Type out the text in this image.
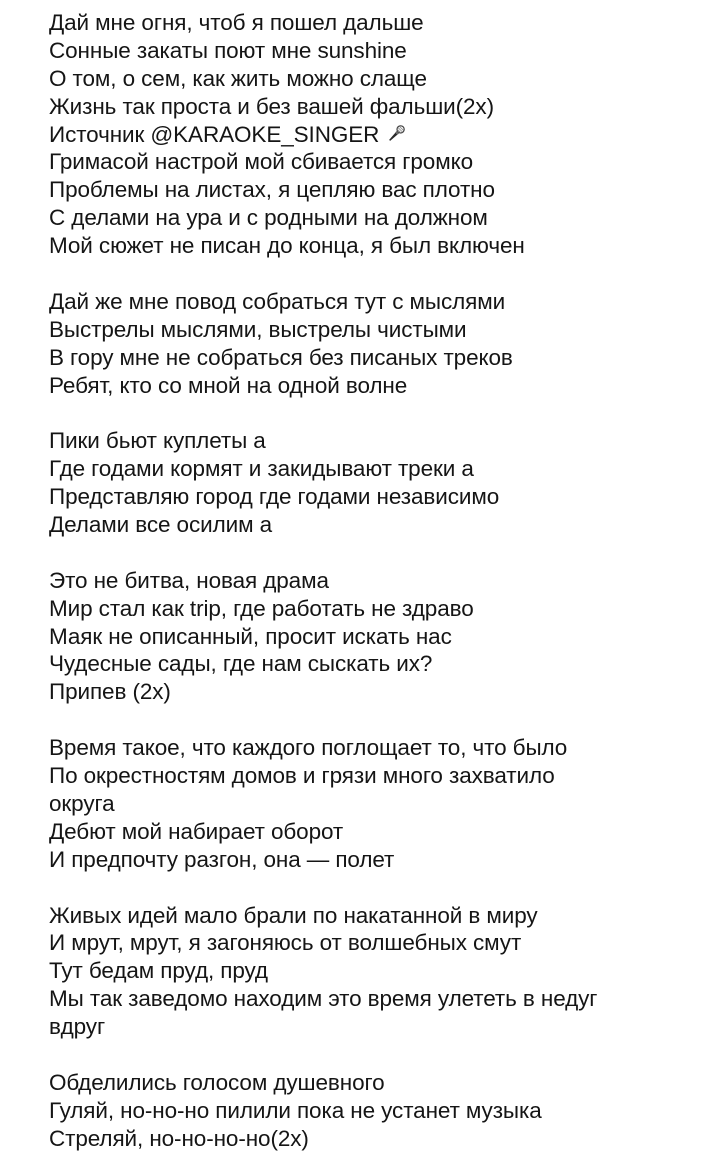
Дай мне огня, чтоб я пошел дальше
Сонные закаты поют мне sunshine
О том, о сем, как жить можно слаще
Жизнь так проста и без вашей фальши(2x)
Источник @KARAOKE_SINGER
Гримасой настрой мой сбивается громко
Проблемы на листах, я цепляю вас плотно
С делами на ура и с родными на должном
Мой сюжет не писан до конца, я был включен
Дай же мне повод собраться тут с мыслями
Выстрелы мыслями, выстрелы чистыми
В гору мне не собраться без писаных треков
Ребят, кто со мной на одной волне
Пики бьют куплеты а
Где годами кормят и закидывают треки а
Представляю город где годами независимо
Делами все осилим а
Это не битва, новая драма
Мир стал как trip, где работать не здраво
Маяк не описанный, просит искать нас
Чудесные сады, где нам сыскать их?
Припев (2x)
Время такое, что каждого поглощает то, что было
По окрестностям домов и грязи много захватило
округа
Дебют мой набирает оборот
И предпочту разгон, она — полет
Живых идей мало брали по накатанной в миру
И мрут, мрут, я загоняюсь от волшебных смут
Тут бедам пруд, пруд
Мы так заведомо находим это время улететь в недуг
вдруг
Обделились голосом душевного
Гуляй, но-но-но пилили пока не устанет музыка
Стреляй, но-но-но-но(2x)
